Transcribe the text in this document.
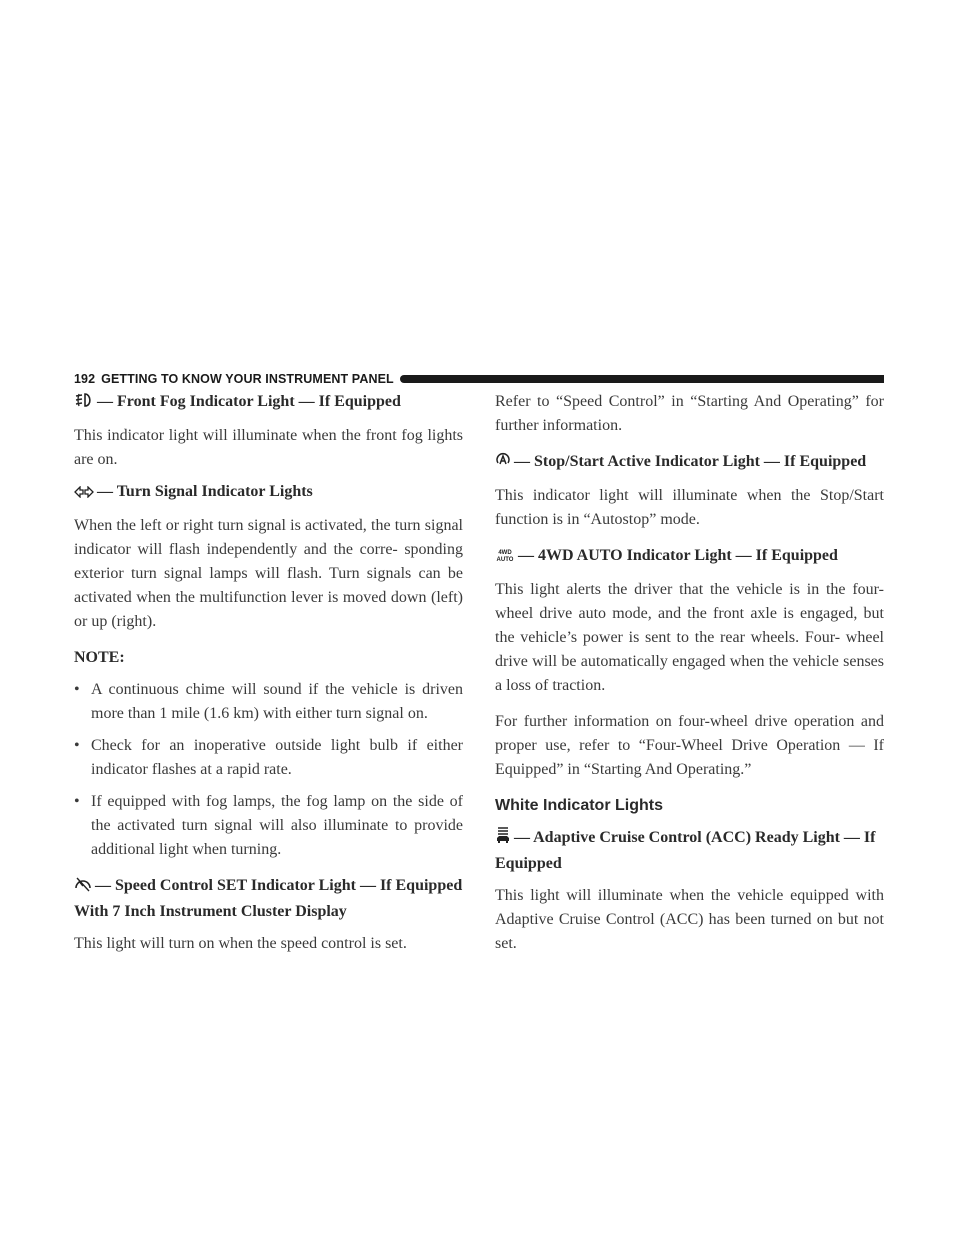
192 GETTING TO KNOW YOUR INSTRUMENT PANEL
— Front Fog Indicator Light — If Equipped

This indicator light will illuminate when the front fog lights are on.

— Turn Signal Indicator Lights

When the left or right turn signal is activated, the turn signal indicator will flash independently and the corre- sponding exterior turn signal lamps will flash. Turn signals can be activated when the multifunction lever is moved down (left) or up (right).

NOTE:
• A continuous chime will sound if the vehicle is driven more than 1 mile (1.6 km) with either turn signal on.
• Check for an inoperative outside light bulb if either indicator flashes at a rapid rate.
• If equipped with fog lamps, the fog lamp on the side of the activated turn signal will also illuminate to provide additional light when turning.
— Speed Control SET Indicator Light — If Equipped With 7 Inch Instrument Cluster Display

This light will turn on when the speed control is set.

Refer to “Speed Control” in “Starting And Operating” for further information.

— Stop/Start Active Indicator Light — If Equipped

This indicator light will illuminate when the Stop/Start function is in “Autostop” mode.

4WD
AUTO — 4WD AUTO Indicator Light — If Equipped

This light alerts the driver that the vehicle is in the four-wheel drive auto mode, and the front axle is engaged, but the vehicle’s power is sent to the rear wheels. Four- wheel drive will be automatically engaged when the vehicle senses a loss of traction.

For further information on four-wheel drive operation and proper use, refer to “Four-Wheel Drive Operation — If Equipped” in “Starting And Operating.”

White Indicator Lights
— Adaptive Cruise Control (ACC) Ready Light — If Equipped

This light will illuminate when the vehicle equipped with Adaptive Cruise Control (ACC) has been turned on but not set.
